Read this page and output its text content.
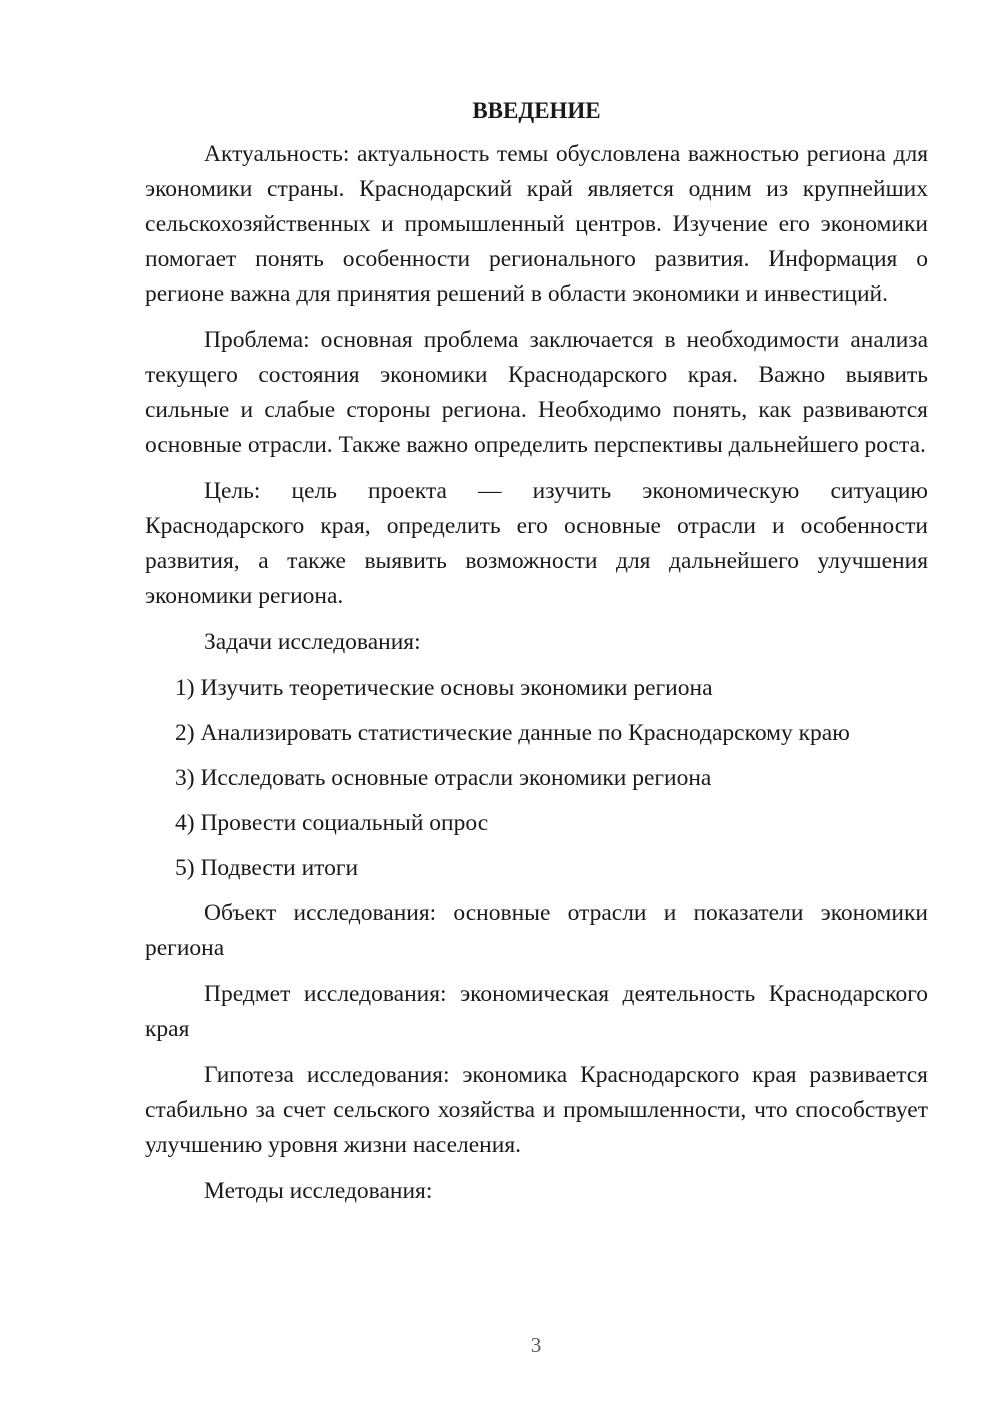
ВВЕДЕНИЕ
Актуальность: актуальность темы обусловлена важностью региона для экономики страны. Краснодарский край является одним из крупнейших сельскохозяйственных и промышленный центров. Изучение его экономики помогает понять особенности регионального развития. Информация о регионе важна для принятия решений в области экономики и инвестиций.
Проблема: основная проблема заключается в необходимости анализа текущего состояния экономики Краснодарского края. Важно выявить сильные и слабые стороны региона. Необходимо понять, как развиваются основные отрасли. Также важно определить перспективы дальнейшего роста.
Цель: цель проекта — изучить экономическую ситуацию Краснодарского края, определить его основные отрасли и особенности развития, а также выявить возможности для дальнейшего улучшения экономики региона.
Задачи исследования:
1) Изучить теоретические основы экономики региона
2) Анализировать статистические данные по Краснодарскому краю
3) Исследовать основные отрасли экономики региона
4) Провести социальный опрос
5) Подвести итоги
Объект исследования: основные отрасли и показатели экономики региона
Предмет исследования: экономическая деятельность Краснодарского края
Гипотеза исследования: экономика Краснодарского края развивается стабильно за счет сельского хозяйства и промышленности, что способствует улучшению уровня жизни населения.
Методы исследования:
3
